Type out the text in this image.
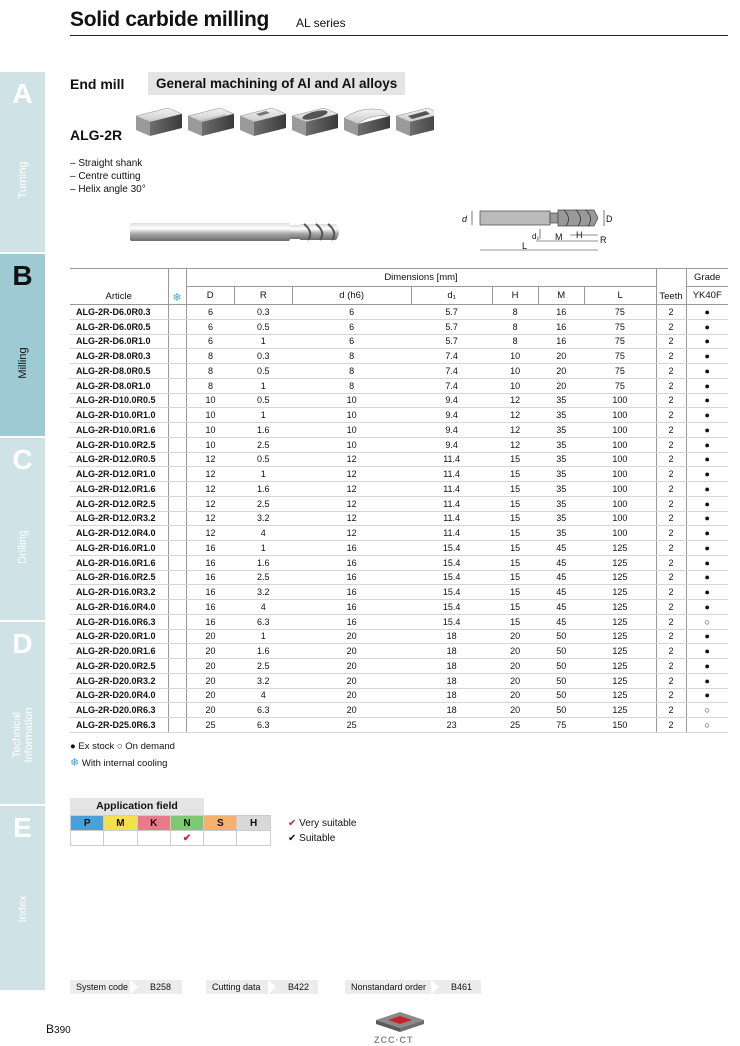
Solid carbide milling AL series
A
Turning
B
Milling
C
Drilling
D
Technical Information
E
Index
End mill	General machining of Al and Al alloys
ALG-2R
– Straight shank
– Centre cutting
– Helix angle 30°
d	D
d₁ M H R
L
Article	❄	Dimensions [mm]							Teeth	Grade
		D	R	d (h6)	d₁	H	M	L		YK40F
ALG-2R-D6.0R0.3		6	0.3	6	5.7	8	16	75	2	●
ALG-2R-D6.0R0.5		6	0.5	6	5.7	8	16	75	2	●
ALG-2R-D6.0R1.0		6	1	6	5.7	8	16	75	2	●
ALG-2R-D8.0R0.3		8	0.3	8	7.4	10	20	75	2	●
ALG-2R-D8.0R0.5		8	0.5	8	7.4	10	20	75	2	●
ALG-2R-D8.0R1.0		8	1	8	7.4	10	20	75	2	●
ALG-2R-D10.0R0.5		10	0.5	10	9.4	12	35	100	2	●
ALG-2R-D10.0R1.0		10	1	10	9.4	12	35	100	2	●
ALG-2R-D10.0R1.6		10	1.6	10	9.4	12	35	100	2	●
ALG-2R-D10.0R2.5		10	2.5	10	9.4	12	35	100	2	●
ALG-2R-D12.0R0.5		12	0.5	12	11.4	15	35	100	2	●
ALG-2R-D12.0R1.0		12	1	12	11.4	15	35	100	2	●
ALG-2R-D12.0R1.6		12	1.6	12	11.4	15	35	100	2	●
ALG-2R-D12.0R2.5		12	2.5	12	11.4	15	35	100	2	●
ALG-2R-D12.0R3.2		12	3.2	12	11.4	15	35	100	2	●
ALG-2R-D12.0R4.0		12	4	12	11.4	15	35	100	2	●
ALG-2R-D16.0R1.0		16	1	16	15.4	15	45	125	2	●
ALG-2R-D16.0R1.6		16	1.6	16	15.4	15	45	125	2	●
ALG-2R-D16.0R2.5		16	2.5	16	15.4	15	45	125	2	●
ALG-2R-D16.0R3.2		16	3.2	16	15.4	15	45	125	2	●
ALG-2R-D16.0R4.0		16	4	16	15.4	15	45	125	2	●
ALG-2R-D16.0R6.3		16	6.3	16	15.4	15	45	125	2	○
ALG-2R-D20.0R1.0		20	1	20	18	20	50	125	2	●
ALG-2R-D20.0R1.6		20	1.6	20	18	20	50	125	2	●
ALG-2R-D20.0R2.5		20	2.5	20	18	20	50	125	2	●
ALG-2R-D20.0R3.2		20	3.2	20	18	20	50	125	2	●
ALG-2R-D20.0R4.0		20	4	20	18	20	50	125	2	●
ALG-2R-D20.0R6.3		20	6.3	20	18	20	50	125	2	○
ALG-2R-D25.0R6.3		25	6.3	25	23	25	75	150	2	○
● Ex stock ○ On demand
❄ With internal cooling
Application field
P	M	K	N	S	H
			✔		
✔ Very suitable
✔ Suitable
System code B258	Cutting data	B422	Nonstandard order	B461
B390
ZCC·CT
